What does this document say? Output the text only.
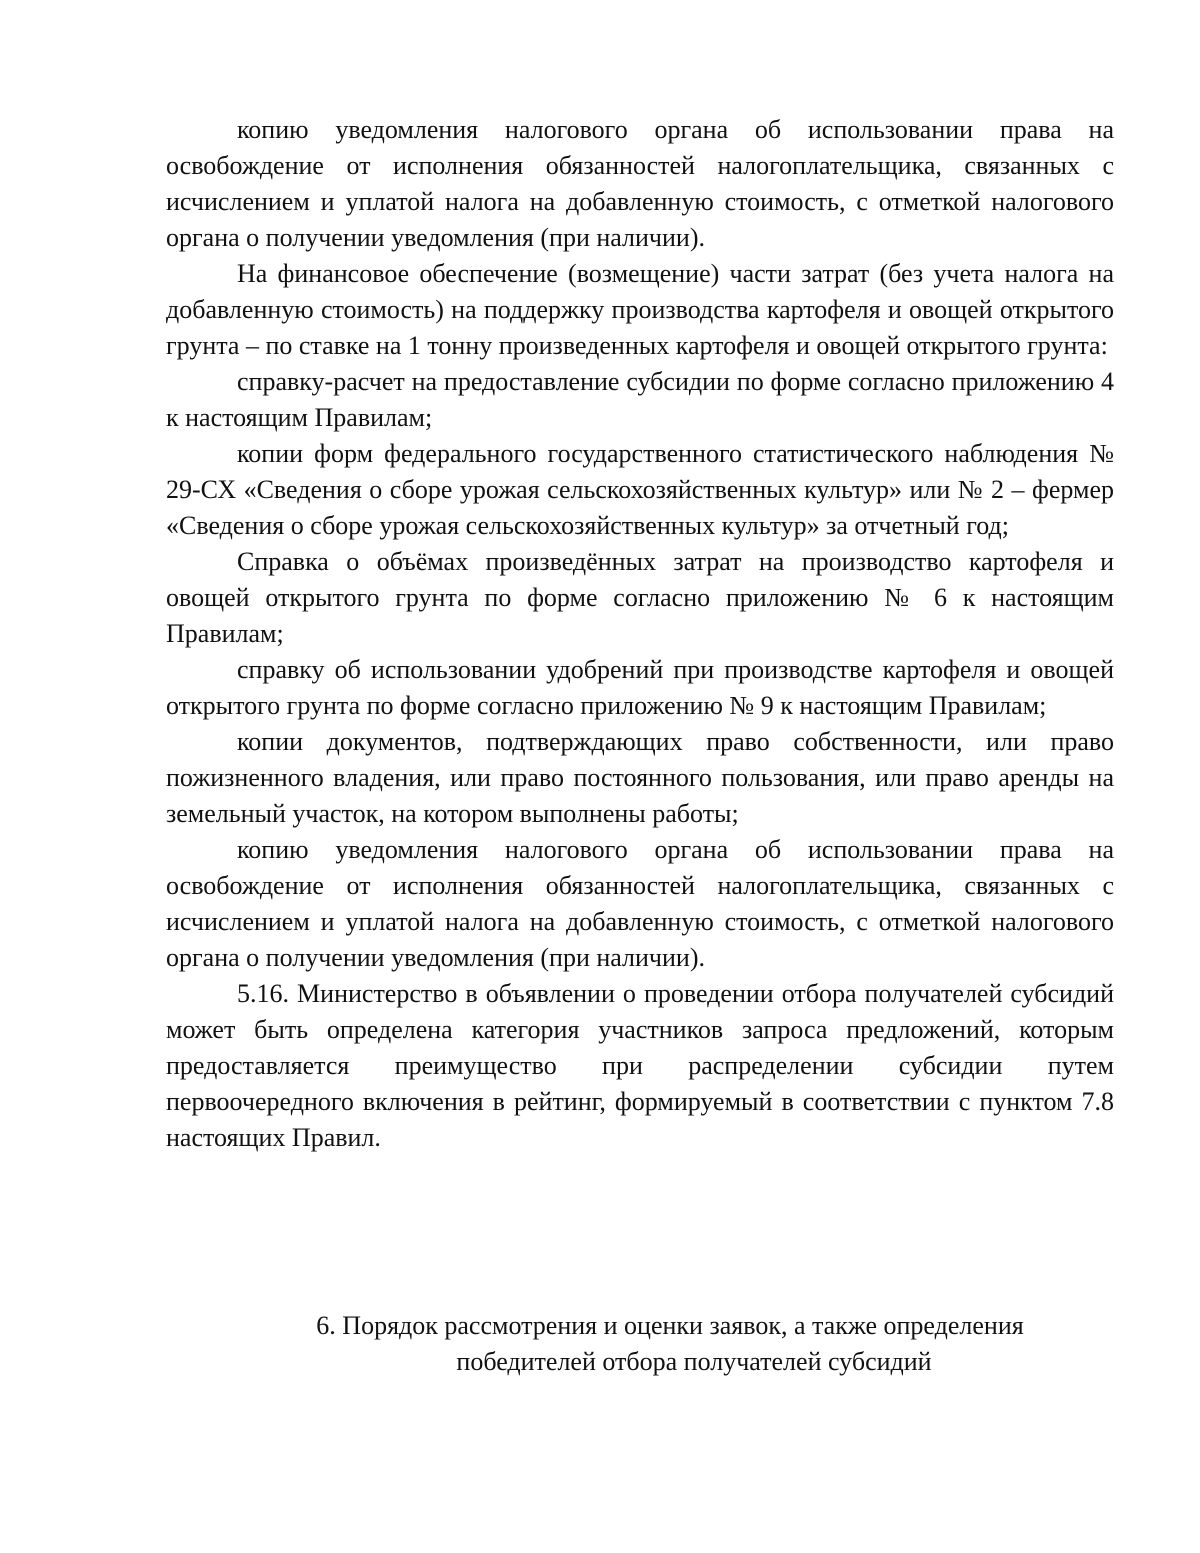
копию уведомления налогового органа об использовании права на освобождение от исполнения обязанностей налогоплательщика, связанных с исчислением и уплатой налога на добавленную стоимость, с отметкой налогового органа о получении уведомления (при наличии).

На финансовое обеспечение (возмещение) части затрат (без учета налога на добавленную стоимость) на поддержку производства картофеля и овощей открытого грунта – по ставке на 1 тонну произведенных картофеля и овощей открытого грунта:

справку-расчет на предоставление субсидии по форме согласно приложению 4 к настоящим Правилам;

копии форм федерального государственного статистического наблюдения № 29-СХ «Сведения о сборе урожая сельскохозяйственных культур» или № 2 – фермер «Сведения о сборе урожая сельскохозяйственных культур» за отчетный год;

Справка о объёмах произведённых затрат на производство картофеля и овощей открытого грунта по форме согласно приложению № 6 к настоящим Правилам;

справку об использовании удобрений при производстве картофеля и овощей открытого грунта по форме согласно приложению № 9 к настоящим Правилам;

копии документов, подтверждающих право собственности, или право пожизненного владения, или право постоянного пользования, или право аренды на земельный участок, на котором выполнены работы;

копию уведомления налогового органа об использовании права на освобождение от исполнения обязанностей налогоплательщика, связанных с исчислением и уплатой налога на добавленную стоимость, с отметкой налогового органа о получении уведомления (при наличии).

5.16. Министерство в объявлении о проведении отбора получателей субсидий может быть определена категория участников запроса предложений, которым предоставляется преимущество при распределении субсидии путем первоочередного включения в рейтинг, формируемый в соответствии с пунктом 7.8 настоящих Правил.

6. Порядок рассмотрения и оценки заявок, а также определения
победителей отбора получателей субсидий
